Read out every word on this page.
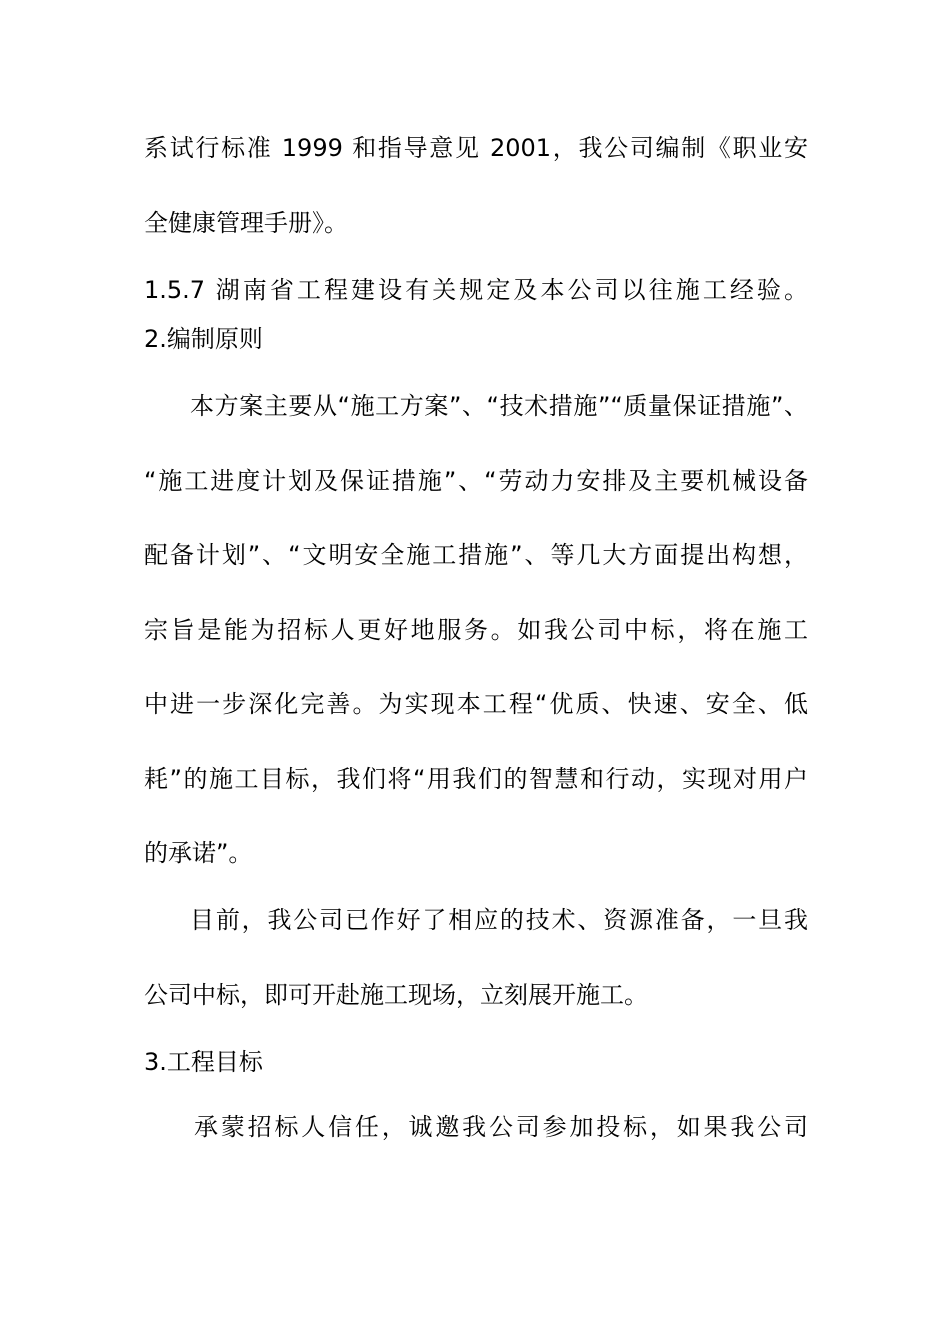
系试行标准 1999 和指导意见 2001，我公司编制《职业安
全健康管理手册》。
1.5.7 湖南省工程建设有关规定及本公司以往施工经验。
2.编制原则
本方案主要从“施工方案”、“技术措施”“质量保证措施”、
“施工进度计划及保证措施”、“劳动力安排及主要机械设备
配备计划”、“文明安全施工措施”、等几大方面提出构想，
宗旨是能为招标人更好地服务。如我公司中标，将在施工
中进一步深化完善。为实现本工程“优质、快速、安全、低
耗”的施工目标，我们将“用我们的智慧和行动，实现对用户
的承诺”。
目前，我公司已作好了相应的技术、资源准备，一旦我
公司中标，即可开赴施工现场，立刻展开施工。
3.工程目标
承蒙招标人信任，诚邀我公司参加投标，如果我公司
